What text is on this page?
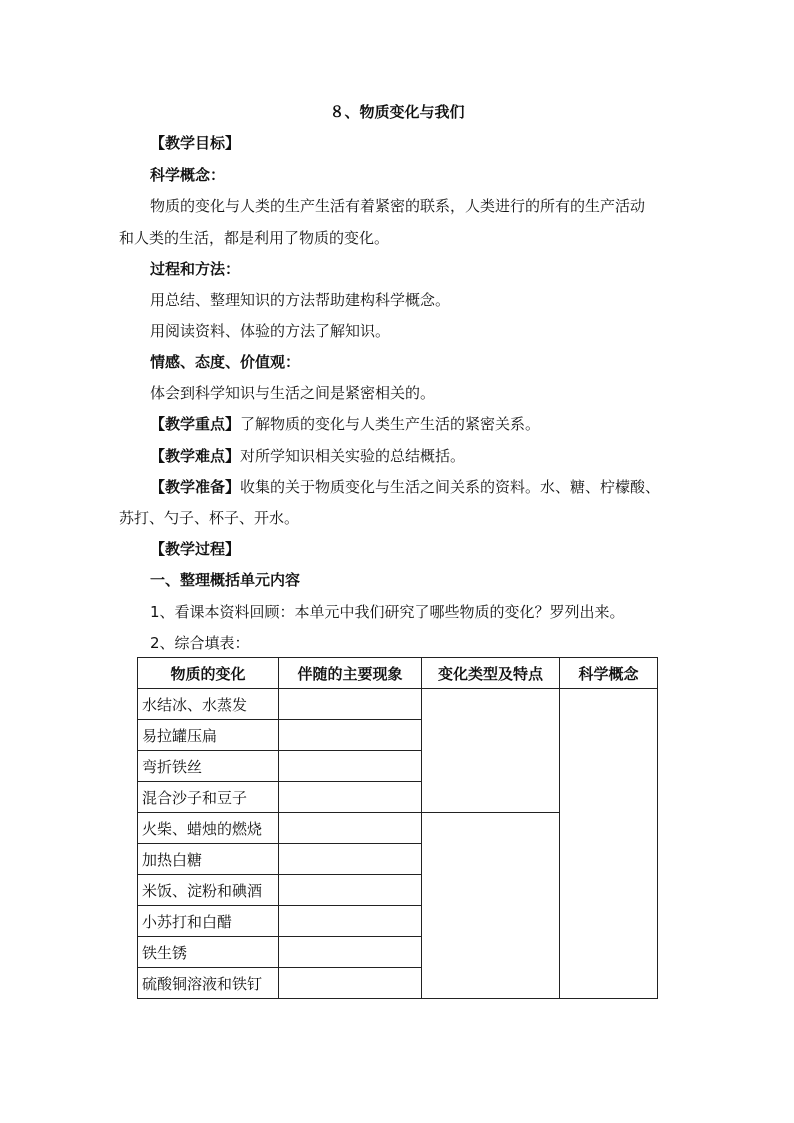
８、物质变化与我们
【教学目标】
科学概念：
物质的变化与人类的生产生活有着紧密的联系，人类进行的所有的生产活动
和人类的生活，都是利用了物质的变化。
过程和方法：
用总结、整理知识的方法帮助建构科学概念。
用阅读资料、体验的方法了解知识。
情感、态度、价值观：
体会到科学知识与生活之间是紧密相关的。
【教学重点】了解物质的变化与人类生产生活的紧密关系。
【教学难点】对所学知识相关实验的总结概括。
【教学准备】收集的关于物质变化与生活之间关系的资料。水、糖、柠檬酸、
苏打、勺子、杯子、开水。
【教学过程】
一、整理概括单元内容
1、看课本资料回顾：本单元中我们研究了哪些物质的变化？罗列出来。
2、综合填表：
物质的变化	伴随的主要现象	变化类型及特点	科学概念
水结冰、水蒸发			
易拉罐压扁			
弯折铁丝			
混合沙子和豆子			
火柴、蜡烛的燃烧			
加热白糖			
米饭、淀粉和碘酒			
小苏打和白醋			
铁生锈			
硫酸铜溶液和铁钉			
